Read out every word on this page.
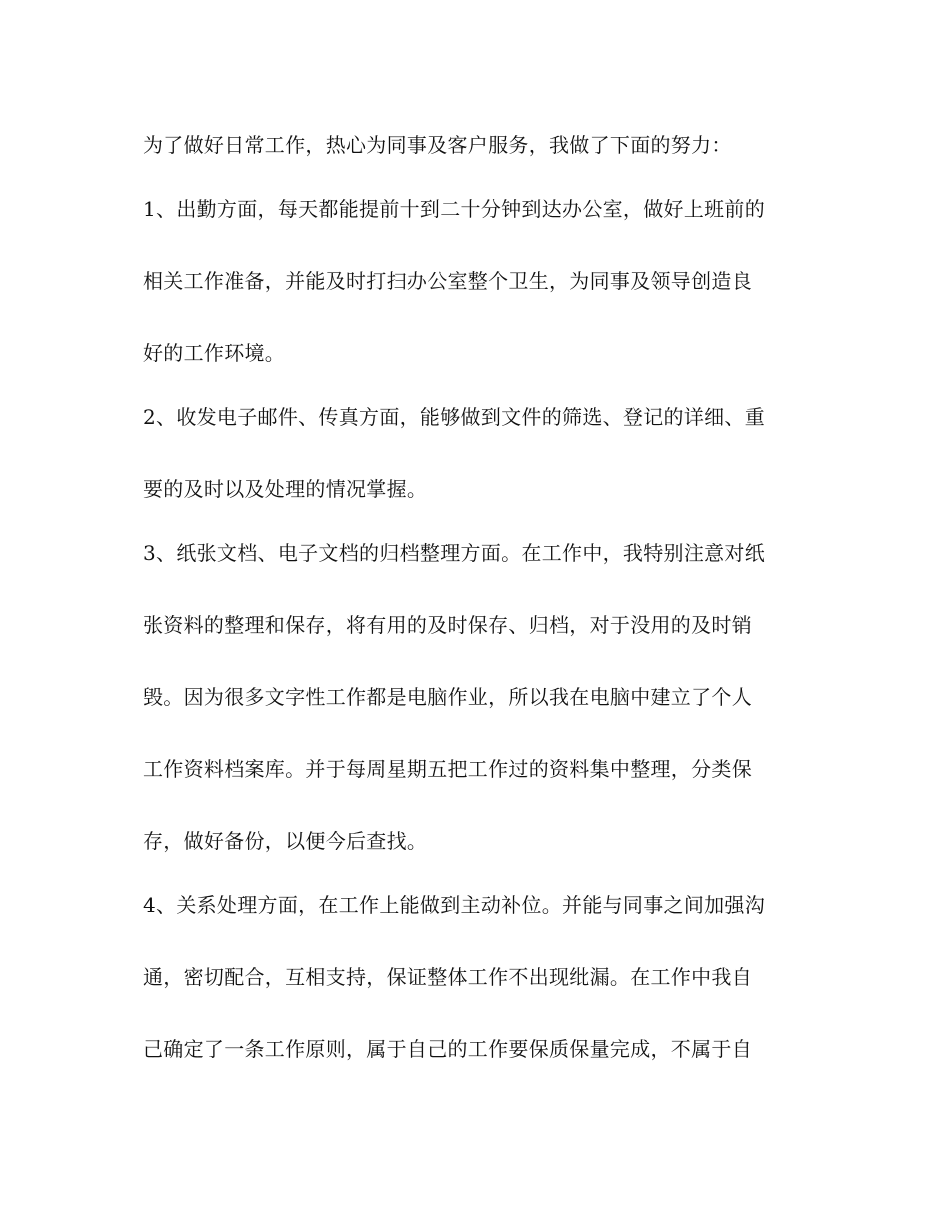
为了做好日常工作，热心为同事及客户服务，我做了下面的努力：
1、出勤方面，每天都能提前十到二十分钟到达办公室，做好上班前的
相关工作准备，并能及时打扫办公室整个卫生，为同事及领导创造良
好的工作环境。
2、收发电子邮件、传真方面，能够做到文件的筛选、登记的详细、重
要的及时以及处理的情况掌握。
3、纸张文档、电子文档的归档整理方面。在工作中，我特别注意对纸
张资料的整理和保存，将有用的及时保存、归档，对于没用的及时销
毁。因为很多文字性工作都是电脑作业，所以我在电脑中建立了个人
工作资料档案库。并于每周星期五把工作过的资料集中整理，分类保
存，做好备份，以便今后查找。
4、关系处理方面，在工作上能做到主动补位。并能与同事之间加强沟
通，密切配合，互相支持，保证整体工作不出现纰漏。在工作中我自
己确定了一条工作原则，属于自己的工作要保质保量完成，不属于自
